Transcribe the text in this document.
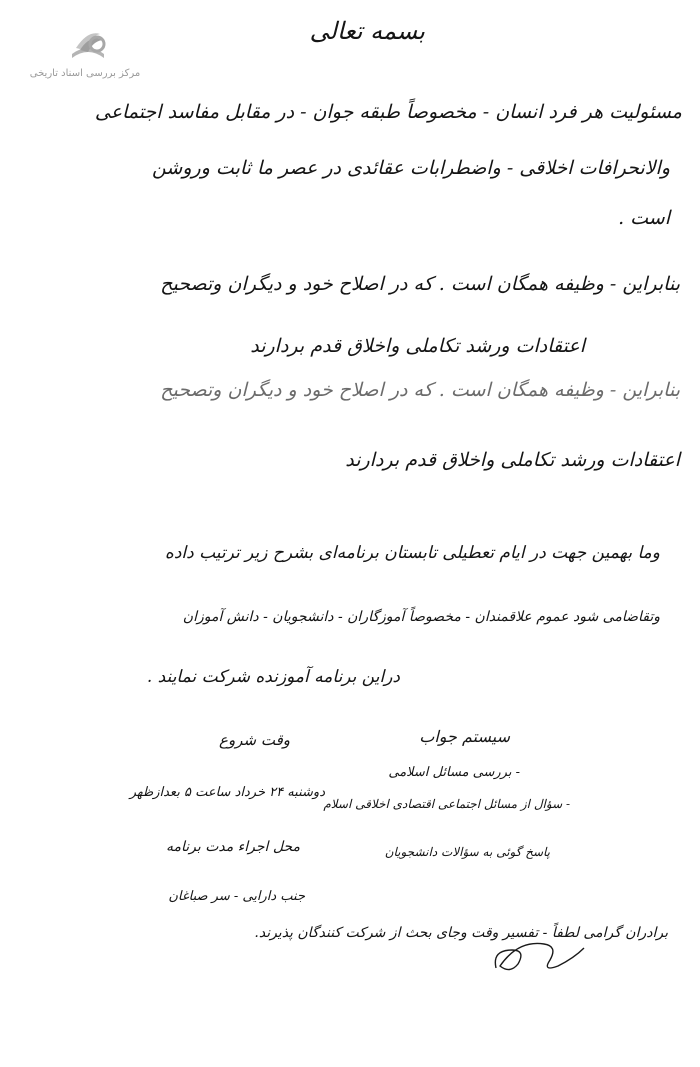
مرکز بررسی اسناد تاریخی
بسمه تعالی
مسئولیت هر فرد انسان - مخصوصاً طبقه جوان - در مقابل مفاسد اجتماعی
والانحرافات اخلاقی - واضطرابات عقائدی در عصر ما ثابت وروشن
است .
بنابراین - وظیفه همگان است . که در اصلاح خود و دیگران وتصحیح
اعتقادات ورشد تکاملی واخلاق قدم بردارند
بنابراین - وظیفه همگان است . که در اصلاح خود و دیگران وتصحیح
اعتقادات ورشد تکاملی واخلاق قدم بردارند
وما بهمین جهت در ایام تعطیلی تابستان برنامه‌ای بشرح زیر ترتیب داده
وتقاضامی شود عموم علاقمندان - مخصوصاً آموزگاران - دانشجویان - دانش آموزان
دراین برنامه آموزنده شرکت نمایند .
سیستم جواب
- بررسی مسائل اسلامی
- سؤال از مسائل اجتماعی اقتصادی اخلاقی اسلام
پاسخ گوئی به سؤالات دانشجویان
وقت شروع
دوشنبه ۲۴ خرداد ساعت ۵ بعدازظهر
محل اجراء مدت برنامه
جنب دارایی - سر صباغان
برادران گرامی لطفاً - تفسیر وقت وجای بحث از شرکت کنندگان پذیرند.
